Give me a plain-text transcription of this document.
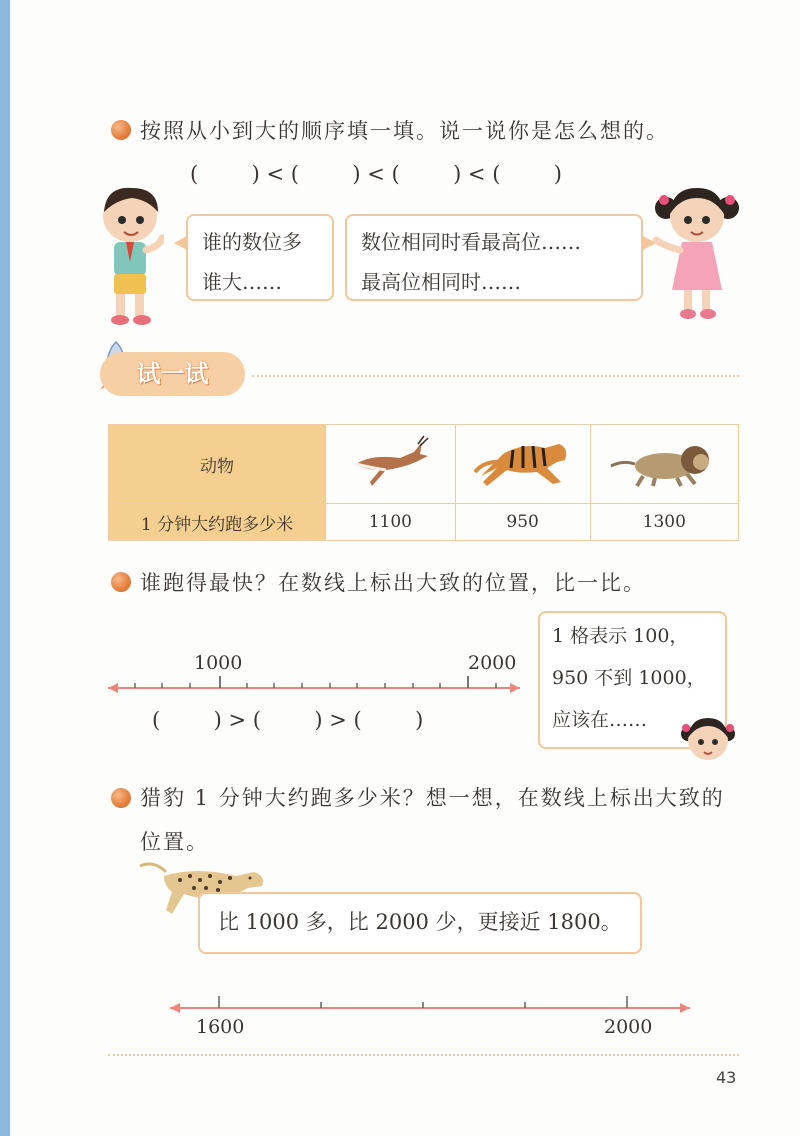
按照从小到大的顺序填一填。说一说你是怎么想的。
(        ) < (        ) < (        ) < (        )
谁的数位多
谁大……
数位相同时看最高位……
最高位相同时……
试一试
动物			
1 分钟大约跑多少米	1100	950	1300
谁跑得最快？在数线上标出大致的位置，比一比。
1000	2000
(        ) > (        ) > (        )
1 格表示 100，
950 不到 1000，
应该在……
猎豹 1 分钟大约跑多少米？想一想，在数线上标出大致的
位置。
比 1000 多，比 2000 少，更接近 1800。
1600	2000
43
